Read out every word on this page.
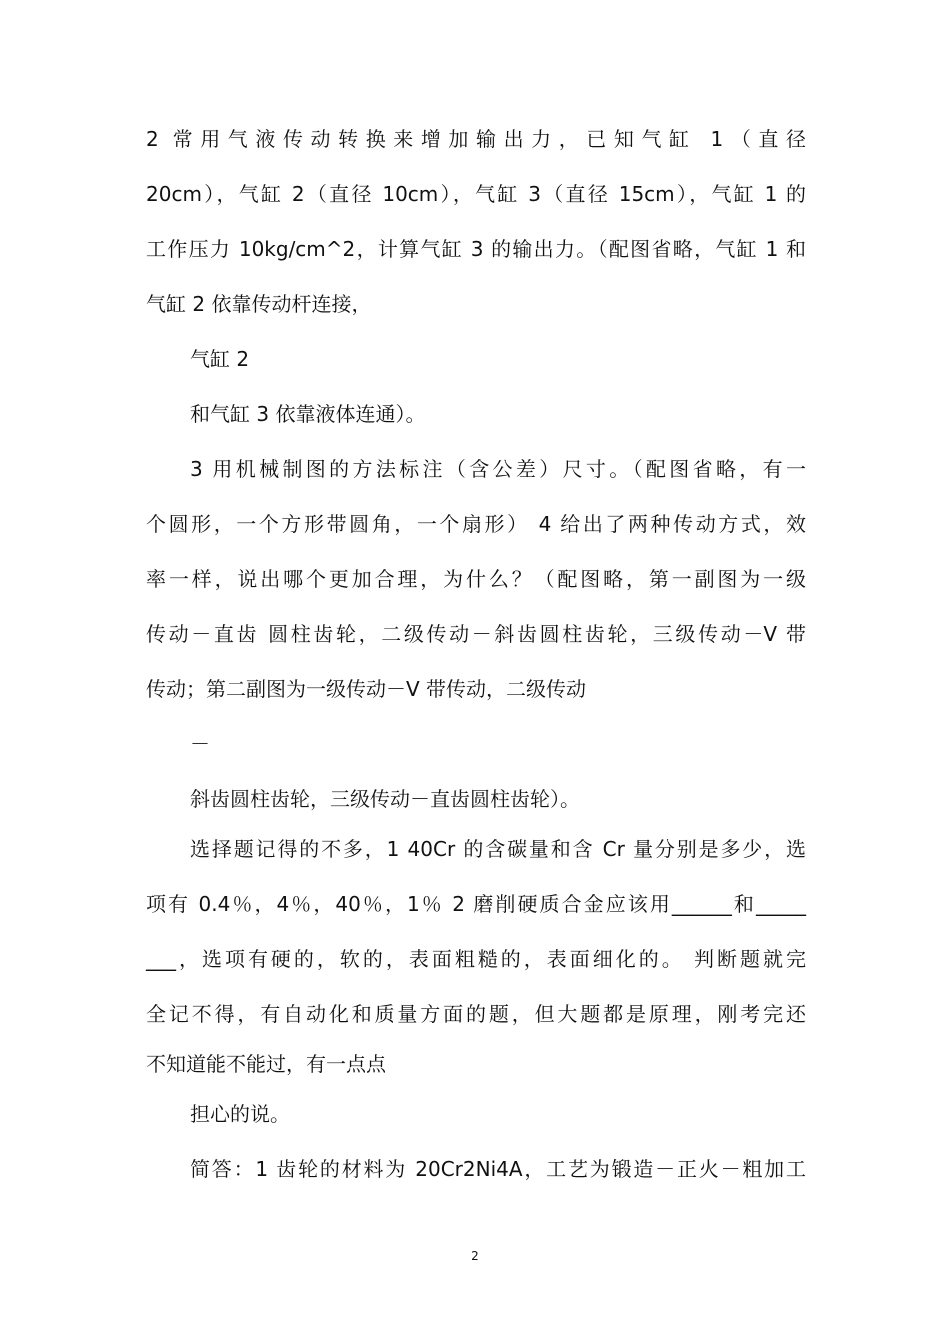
2 常用气液传动转换来增加输出力，已知气缸 1（直径
20cm），气缸 2（直径 10cm），气缸 3（直径 15cm），气缸 1 的
工作压力 10kg/cm^2，计算气缸 3 的输出力。（配图省略，气缸 1 和
气缸 2 依靠传动杆连接，
气缸 2
和气缸 3 依靠液体连通）。
3 用机械制图的方法标注（含公差）尺寸。（配图省略，有一
个圆形，一个方形带圆角，一个扇形） 4 给出了两种传动方式，效
率一样，说出哪个更加合理，为什么？（配图略，第一副图为一级
传动－直齿 圆柱齿轮，二级传动－斜齿圆柱齿轮，三级传动－V 带
传动；第二副图为一级传动－V 带传动，二级传动
－
斜齿圆柱齿轮，三级传动－直齿圆柱齿轮）。
选择题记得的不多，1 40Cr 的含碳量和含 Cr 量分别是多少，选
项有 0.4％，4％，40％，1％ 2 磨削硬质合金应该用______和_____
___，选项有硬的，软的，表面粗糙的，表面细化的。 判断题就完
全记不得，有自动化和质量方面的题，但大题都是原理，刚考完还
不知道能不能过，有一点点
担心的说。
简答：1 齿轮的材料为 20Cr2Ni4A，工艺为锻造－正火－粗加工
2
